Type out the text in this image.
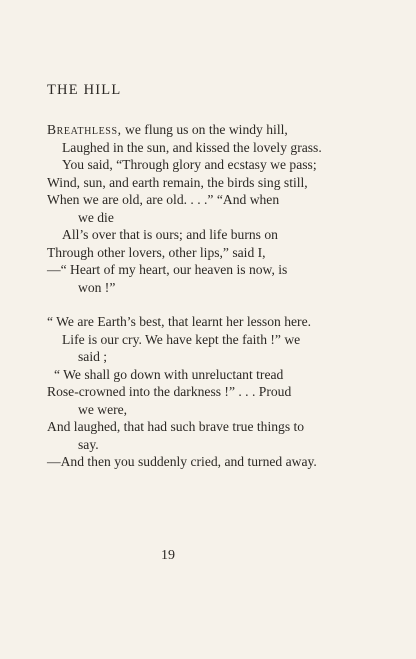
THE HILL
Breathless, we flung us on the windy hill,
Laughed in the sun, and kissed the lovely grass.
You said, “Through glory and ecstasy we pass;
Wind, sun, and earth remain, the birds sing still,
When we are old, are old. . . .” “And when
we die
All’s over that is ours; and life burns on
Through other lovers, other lips,” said I,
—“ Heart of my heart, our heaven is now, is
won !”
“ We are Earth’s best, that learnt her lesson here.
Life is our cry. We have kept the faith !” we
said ;
“ We shall go down with unreluctant tread
Rose-crowned into the darkness !” . . . Proud
we were,
And laughed, that had such brave true things to
say.
—And then you suddenly cried, and turned away.
19
